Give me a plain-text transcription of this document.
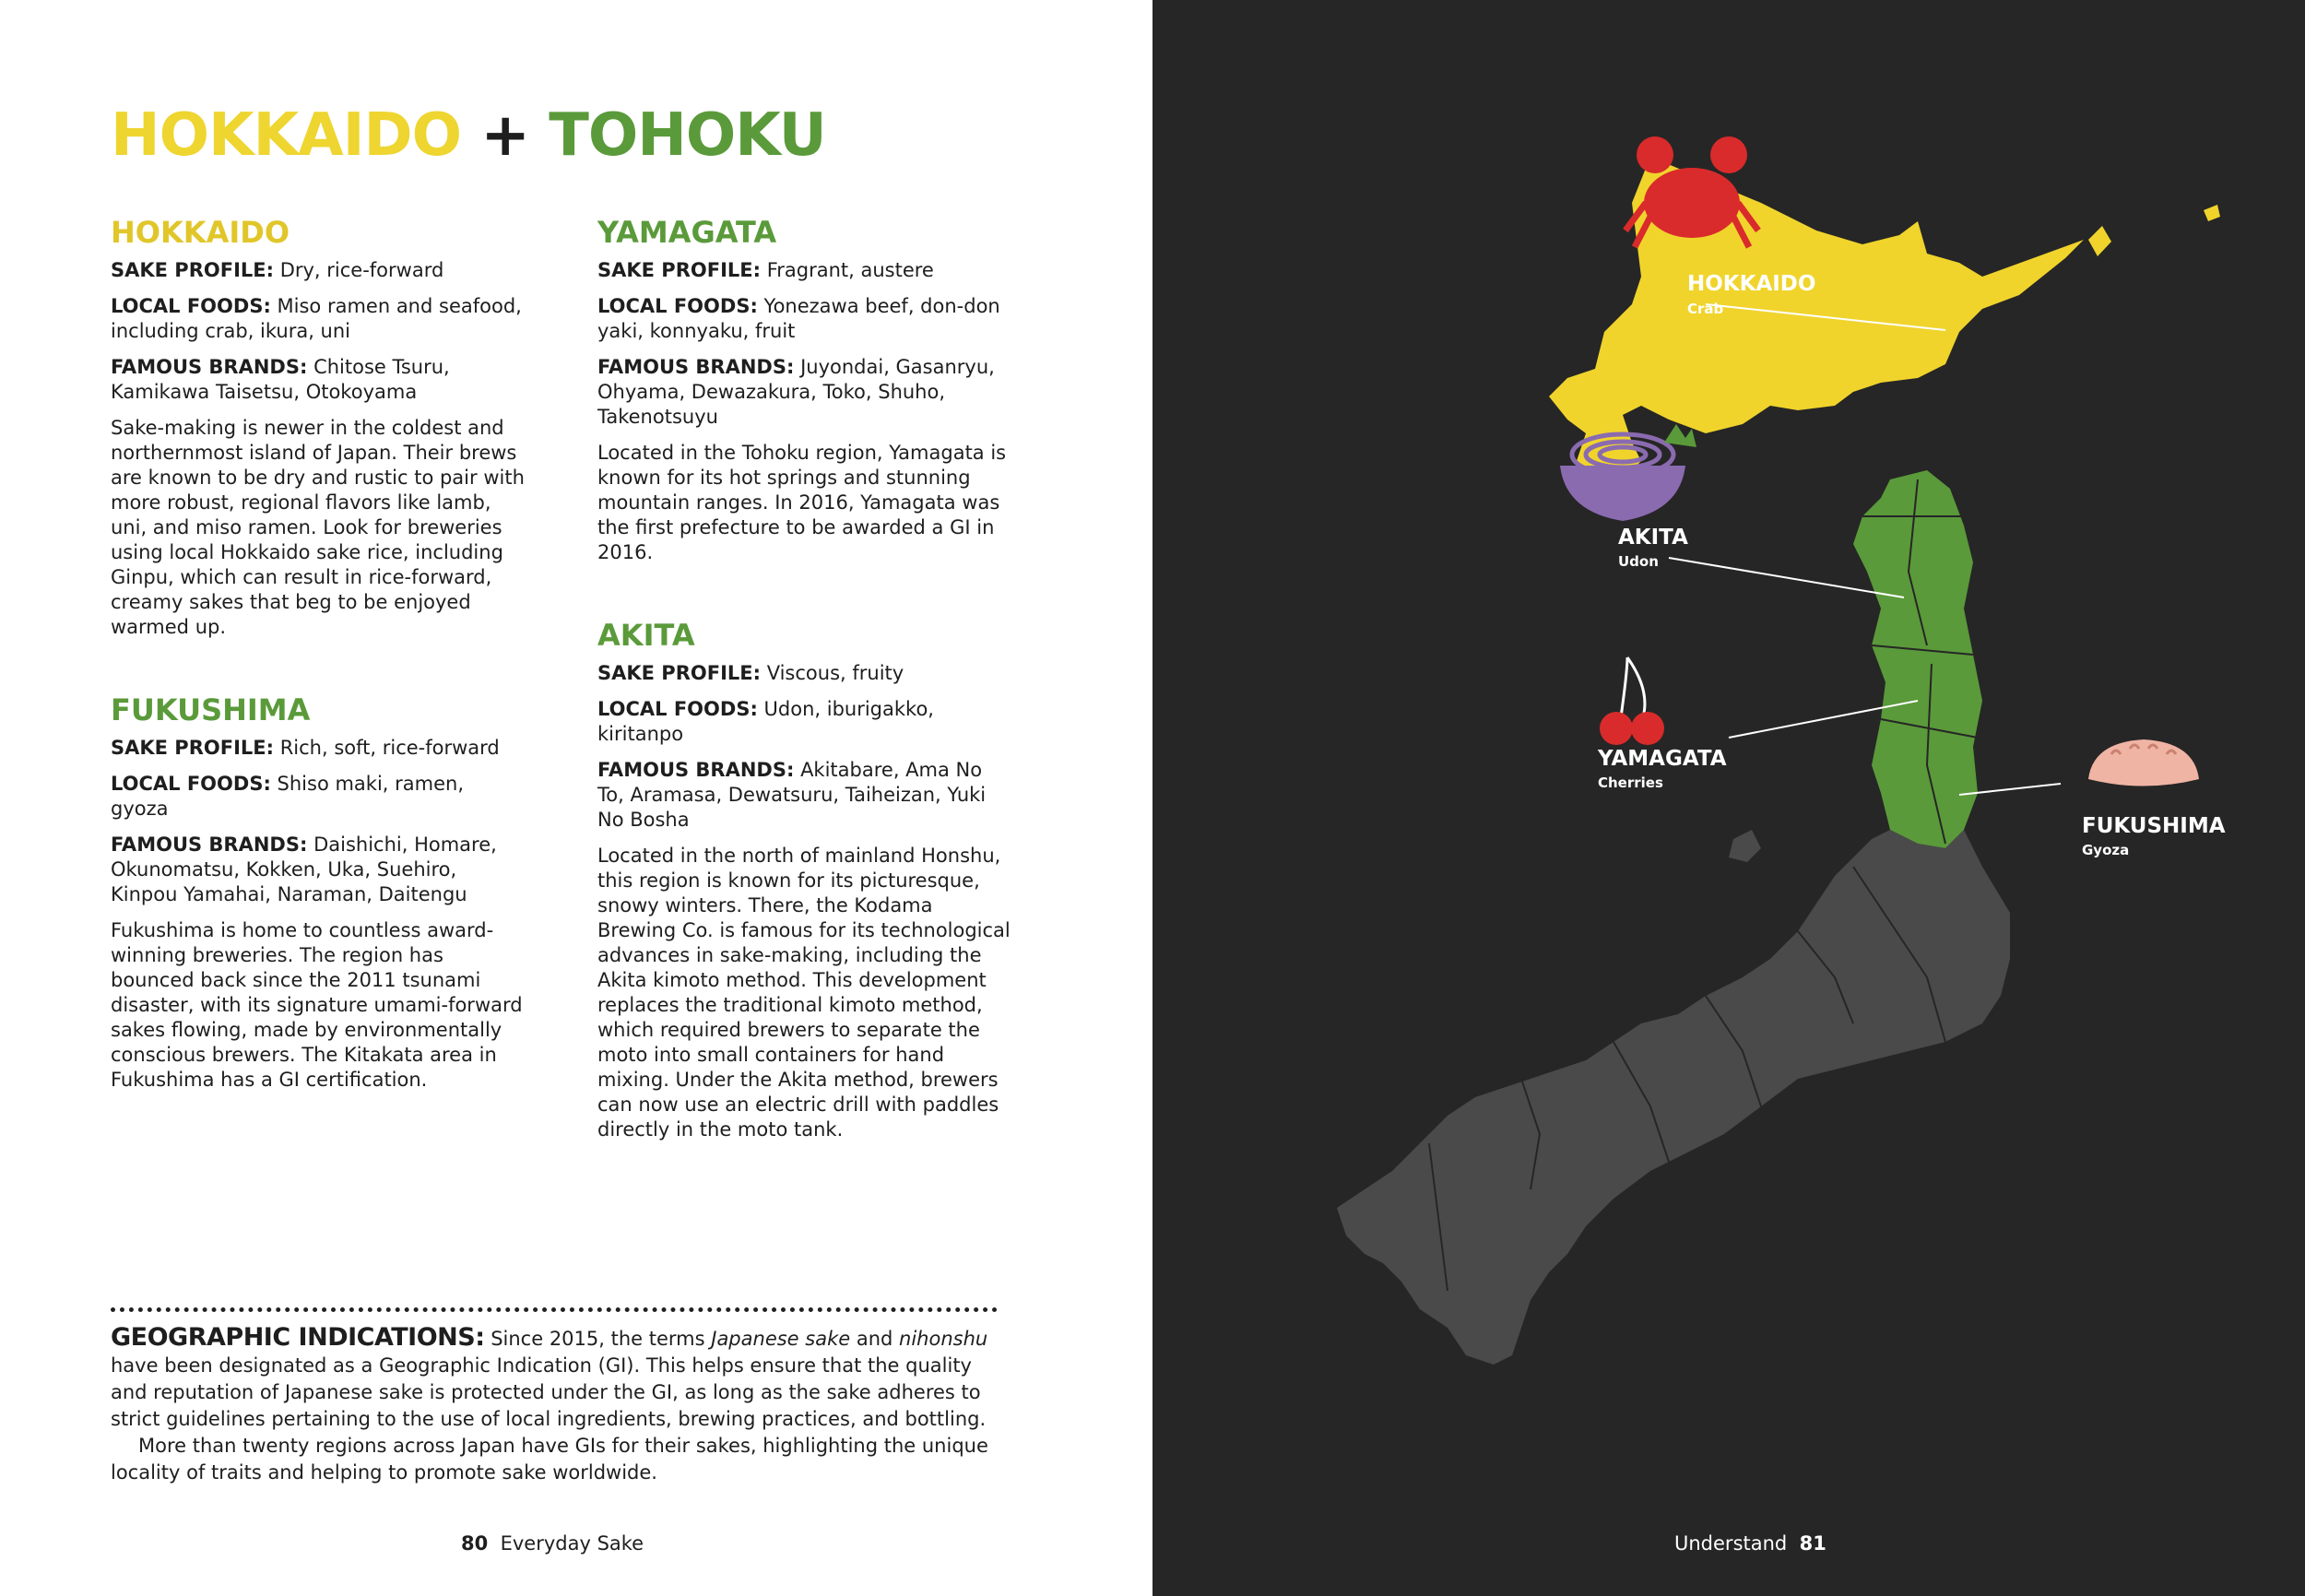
HOKKAIDO + TOHOKU
HOKKAIDO

SAKE PROFILE: Dry, rice-forward

LOCAL FOODS: Miso ramen and seafood, including crab, ikura, uni

FAMOUS BRANDS: Chitose Tsuru, Kamikawa Taisetsu, Otokoyama

Sake-making is newer in the coldest and northernmost island of Japan. Their brews are known to be dry and rustic to pair with more robust, regional flavors like lamb, uni, and miso ramen. Look for breweries using local Hokkaido sake rice, including Ginpu, which can result in rice-forward, creamy sakes that beg to be enjoyed warmed up.

FUKUSHIMA

SAKE PROFILE: Rich, soft, rice-forward

LOCAL FOODS: Shiso maki, ramen, gyoza

FAMOUS BRANDS: Daishichi, Homare, Okunomatsu, Kokken, Uka, Suehiro, Kinpou Yamahai, Naraman, Daitengu

Fukushima is home to countless award-winning breweries. The region has bounced back since the 2011 tsunami disaster, with its signature umami-forward sakes flowing, made by environmentally conscious brewers. The Kitakata area in Fukushima has a GI certification.

YAMAGATA

SAKE PROFILE: Fragrant, austere

LOCAL FOODS: Yonezawa beef, don-don yaki, konnyaku, fruit

FAMOUS BRANDS: Juyondai, Gasanryu, Ohyama, Dewazakura, Toko, Shuho, Takenotsuyu

Located in the Tohoku region, Yamagata is known for its hot springs and stunning mountain ranges. In 2016, Yamagata was the first prefecture to be awarded a GI in 2016.

AKITA

SAKE PROFILE: Viscous, fruity

LOCAL FOODS: Udon, iburigakko, kiritanpo

FAMOUS BRANDS: Akitabare, Ama No To, Aramasa, Dewatsuru, Taiheizan, Yuki No Bosha

Located in the north of mainland Honshu, this region is known for its picturesque, snowy winters. There, the Kodama Brewing Co. is famous for its technological advances in sake-making, including the Akita kimoto method. This development replaces the traditional kimoto method, which required brewers to separate the moto into small containers for hand mixing. Under the Akita method, brewers can now use an electric drill with paddles directly in the moto tank.

GEOGRAPHIC INDICATIONS: Since 2015, the terms Japanese sake and nihonshu have been designated as a Geographic Indication (GI). This helps ensure that the quality and reputation of Japanese sake is protected under the GI, as long as the sake adheres to strict guidelines pertaining to the use of local ingredients, brewing practices, and bottling.

More than twenty regions across Japan have GIs for their sakes, highlighting the unique locality of traits and helping to promote sake worldwide.

80 Everyday Sake	Understand 81
HOKKAIDO
Crab
AKITA
Udon
YAMAGATA
Cherries
FUKUSHIMA
Gyoza
